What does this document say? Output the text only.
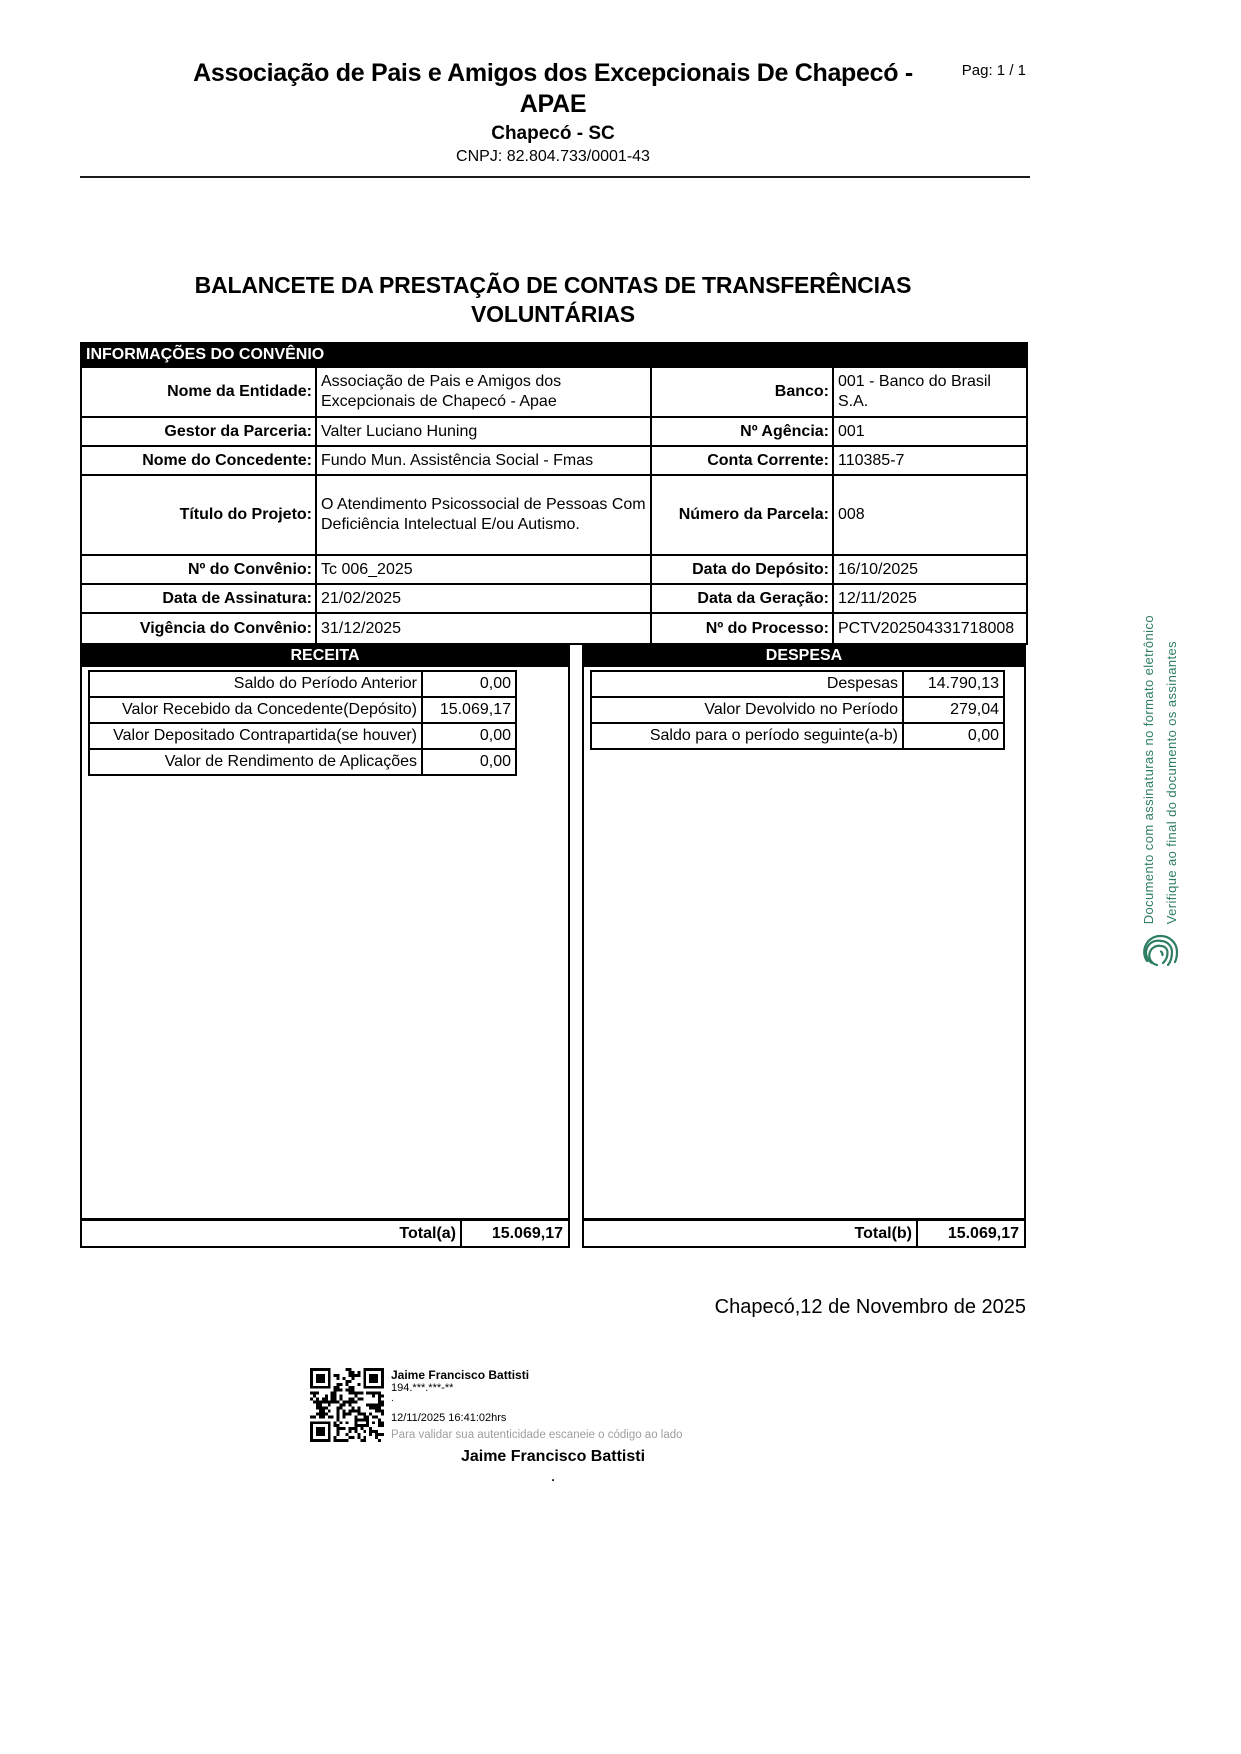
Associação de Pais e Amigos dos Excepcionais De Chapecó -
APAE
Chapecó - SC
CNPJ: 82.804.733/0001-43
Pag: 1 / 1
BALANCETE DA PRESTAÇÃO DE CONTAS DE TRANSFERÊNCIAS VOLUNTÁRIAS
INFORMAÇÕES DO CONVÊNIO			
Nome da Entidade:	Associação de Pais e Amigos dos Excepcionais de Chapecó - Apae	Banco:	001 - Banco do Brasil S.A.
Gestor da Parceria:	Valter Luciano Huning	Nº Agência:	001
Nome do Concedente:	Fundo Mun. Assistência Social - Fmas	Conta Corrente:	110385-7
Título do Projeto:	O Atendimento Psicossocial de Pessoas Com Deficiência Intelectual E/ou Autismo.	Número da Parcela:	008
Nº do Convênio:	Tc 006_2025	Data do Depósito:	16/10/2025
Data de Assinatura:	21/02/2025	Data da Geração:	12/11/2025
Vigência do Convênio:	31/12/2025	Nº do Processo:	PCTV202504331718008
RECEITA
Saldo do Período Anterior	0,00
Valor Recebido da Concedente(Depósito)	15.069,17
Valor Depositado Contrapartida(se houver)	0,00
Valor de Rendimento de Aplicações	0,00
Total(a)	15.069,17
DESPESA
Despesas	14.790,13
Valor Devolvido no Período	279,04
Saldo para o período seguinte(a-b)	0,00
Total(b)	15.069,17
Chapecó,12 de Novembro de 2025
Jaime Francisco Battisti
194.***.***-**
.
12/11/2025 16:41:02hrs
Para validar sua autenticidade escaneie o código ao lado
Jaime Francisco Battisti
.
Documento com assinaturas no formato eletrônico Verifique ao final do documento os assinantes
